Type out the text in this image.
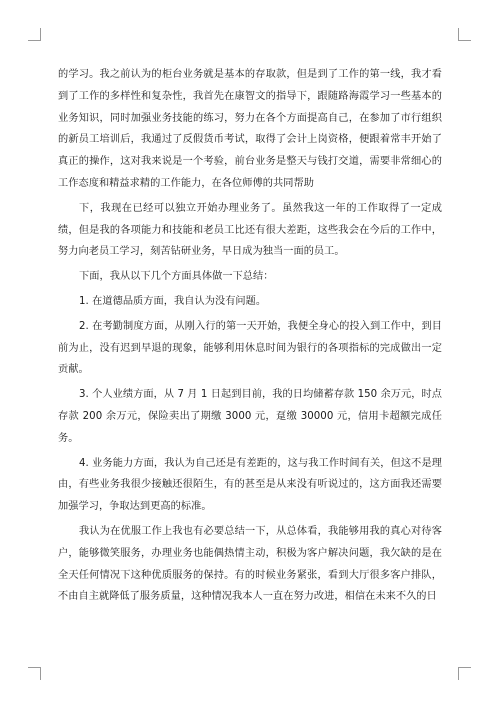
的学习。我之前认为的柜台业务就是基本的存取款，但是到了工作的第一线，我才看到了工作的多样性和复杂性，我首先在康智文的指导下，跟随路海霞学习一些基本的业务知识，同时加强业务技能的练习，努力在各个方面提高自己，在参加了市行组织的新员工培训后，我通过了反假货币考试，取得了会计上岗资格，便跟着常丰开始了真正的操作，这对我来说是一个考验，前台业务是整天与钱打交道，需要非常细心的工作态度和精益求精的工作能力，在各位师傅的共同帮助

下，我现在已经可以独立开始办理业务了。虽然我这一年的工作取得了一定成绩，但是我的各项能力和技能和老员工比还有很大差距，这些我会在今后的工作中，努力向老员工学习，刻苦钻研业务，早日成为独当一面的员工。

下面，我从以下几个方面具体做一下总结：

1. 在道德品质方面，我自认为没有问题。

2. 在考勤制度方面，从刚入行的第一天开始，我便全身心的投入到工作中，到目前为止，没有迟到早退的现象，能够利用休息时间为银行的各项指标的完成做出一定贡献。

3. 个人业绩方面，从 7 月 1 日起到目前，我的日均储蓄存款 150 余万元，时点存款 200 余万元，保险卖出了期缴 3000 元，趸缴 30000 元，信用卡超额完成任务。

4. 业务能力方面，我认为自己还是有差距的，这与我工作时间有关，但这不是理由，有些业务我很少接触还很陌生，有的甚至是从来没有听说过的，这方面我还需要加强学习，争取达到更高的标准。

我认为在优服工作上我也有必要总结一下，从总体看，我能够用我的真心对待客户，能够微笑服务，办理业务也能偶热情主动，积极为客户解决问题，我欠缺的是在全天任何情况下这种优质服务的保持。有的时候业务紧张，看到大厅很多客户排队，不由自主就降低了服务质量，这种情况我本人一直在努力改进，相信在未来不久的日
